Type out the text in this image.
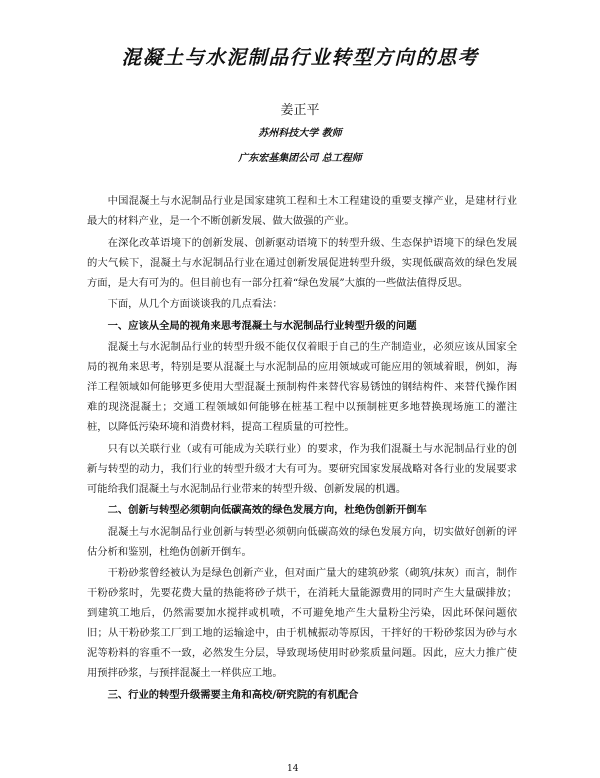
混凝土与水泥制品行业转型方向的思考
姜正平
苏州科技大学 教师
广东宏基集团公司 总工程师

中国混凝土与水泥制品行业是国家建筑工程和土木工程建设的重要支撑产业，是建材行业最大的材料产业，是一个不断创新发展、做大做强的产业。

在深化改革语境下的创新发展、创新驱动语境下的转型升级、生态保护语境下的绿色发展的大气候下，混凝土与水泥制品行业在通过创新发展促进转型升级，实现低碳高效的绿色发展方面，是大有可为的。但目前也有一部分扛着“绿色发展”大旗的一些做法值得反思。

下面，从几个方面谈谈我的几点看法：

一、应该从全局的视角来思考混凝土与水泥制品行业转型升级的问题

混凝土与水泥制品行业的转型升级不能仅仅着眼于自己的生产制造业，必须应该从国家全局的视角来思考，特别是要从混凝土与水泥制品的应用领域或可能应用的领域着眼，例如，海洋工程领域如何能够更多使用大型混凝土预制构件来替代容易锈蚀的钢结构件、来替代操作困难的现浇混凝土；交通工程领域如何能够在桩基工程中以预制桩更多地替换现场施工的灌注桩，以降低污染环境和消费材料，提高工程质量的可控性。

只有以关联行业（或有可能成为关联行业）的要求，作为我们混凝土与水泥制品行业的创新与转型的动力，我们行业的转型升级才大有可为。要研究国家发展战略对各行业的发展要求可能给我们混凝土与水泥制品行业带来的转型升级、创新发展的机遇。

二、创新与转型必须朝向低碳高效的绿色发展方向，杜绝伪创新开倒车

混凝土与水泥制品行业创新与转型必须朝向低碳高效的绿色发展方向，切实做好创新的评估分析和鉴别，杜绝伪创新开倒车。

干粉砂浆曾经被认为是绿色创新产业，但对面广量大的建筑砂浆（砌筑/抹灰）而言，制作干粉砂浆时，先要花费大量的热能将砂子烘干，在消耗大量能源费用的同时产生大量碳排放；到建筑工地后，仍然需要加水搅拌或机喷，不可避免地产生大量粉尘污染，因此环保问题依旧；从干粉砂浆工厂到工地的运输途中，由于机械振动等原因，干拌好的干粉砂浆因为砂与水泥等粉料的容重不一致，必然发生分层，导致现场使用时砂浆质量问题。因此，应大力推广使用预拌砂浆，与预拌混凝土一样供应工地。

三、行业的转型升级需要主角和高校/研究院的有机配合

14
